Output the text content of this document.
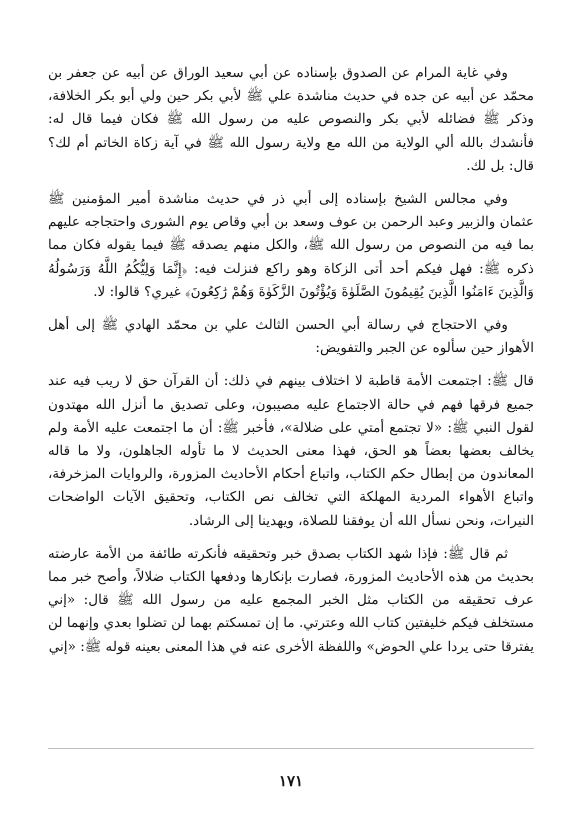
وفي غاية المرام عن الصدوق بإسناده عن أبي سعيد الوراق عن أبيه عن جعفر بن محمّد عن أبيه عن جده في حديث مناشدة علي ﷺ لأبي بكر حين ولي أبو بكر الخلافة، وذكر ﷺ فضائله لأبي بكر والنصوص عليه من رسول الله ﷺ فكان فيما قال له: فأنشدك بالله ألي الولاية من الله مع ولاية رسول الله ﷺ في آية زكاة الخاتم أم لك؟ قال: بل لك.

وفي مجالس الشيخ بإسناده إلى أبي ذر في حديث مناشدة أمير المؤمنين ﷺ عثمان والزبير وعبد الرحمن بن عوف وسعد بن أبي وقاص يوم الشورى واحتجاجه عليهم بما فيه من النصوص من رسول الله ﷺ، والكل منهم يصدقه ﷺ فيما يقوله فكان مما ذكره ﷺ: فهل فيكم أحد أتى الزكاة وهو راكع فنزلت فيه: ﴿إِنَّمَا وَلِيُّكُمُ اللَّهُ وَرَسُولُهُ وَالَّذِينَ ءَامَنُوا الَّذِينَ يُقِيمُونَ الصَّلَوٰةَ وَيُؤْتُونَ الزَّكَوٰةَ وَهُمْ رَٰكِعُونَ﴾ غيري؟ قالوا: لا.

وفي الاحتجاج في رسالة أبي الحسن الثالث علي بن محمّد الهادي ﷺ إلى أهل الأهواز حين سألوه عن الجبر والتفويض:

قال ﷺ: اجتمعت الأمة قاطبة لا اختلاف بينهم في ذلك: أن القرآن حق لا ريب فيه عند جميع فرقها فهم في حالة الاجتماع عليه مصيبون، وعلى تصديق ما أنزل الله مهتدون لقول النبي ﷺ: «لا تجتمع أمتي على ضلالة»، فأخبر ﷺ: أن ما اجتمعت عليه الأمة ولم يخالف بعضها بعضاً هو الحق، فهذا معنى الحديث لا ما تأوله الجاهلون، ولا ما قاله المعاندون من إبطال حكم الكتاب، واتباع أحكام الأحاديث المزورة، والروايات المزخرفة، واتباع الأهواء المردية المهلكة التي تخالف نص الكتاب، وتحقيق الآيات الواضحات النيرات، ونحن نسأل الله أن يوفقنا للصلاة، ويهدينا إلى الرشاد.

ثم قال ﷺ: فإذا شهد الكتاب بصدق خبر وتحقيقه فأنكرته طائفة من الأمة عارضته بحديث من هذه الأحاديث المزورة، فصارت بإنكارها ودفعها الكتاب ضلالاً، وأصح خبر مما عرف تحقيقه من الكتاب مثل الخبر المجمع عليه من رسول الله ﷺ قال: «إني مستخلف فيكم خليفتين كتاب الله وعترتي. ما إن تمسكتم بهما لن تضلوا بعدي وإنهما لن يفترقا حتى يردا علي الحوض» واللفظة الأخرى عنه في هذا المعنى بعينه قوله ﷺ: «إني

١٧١
